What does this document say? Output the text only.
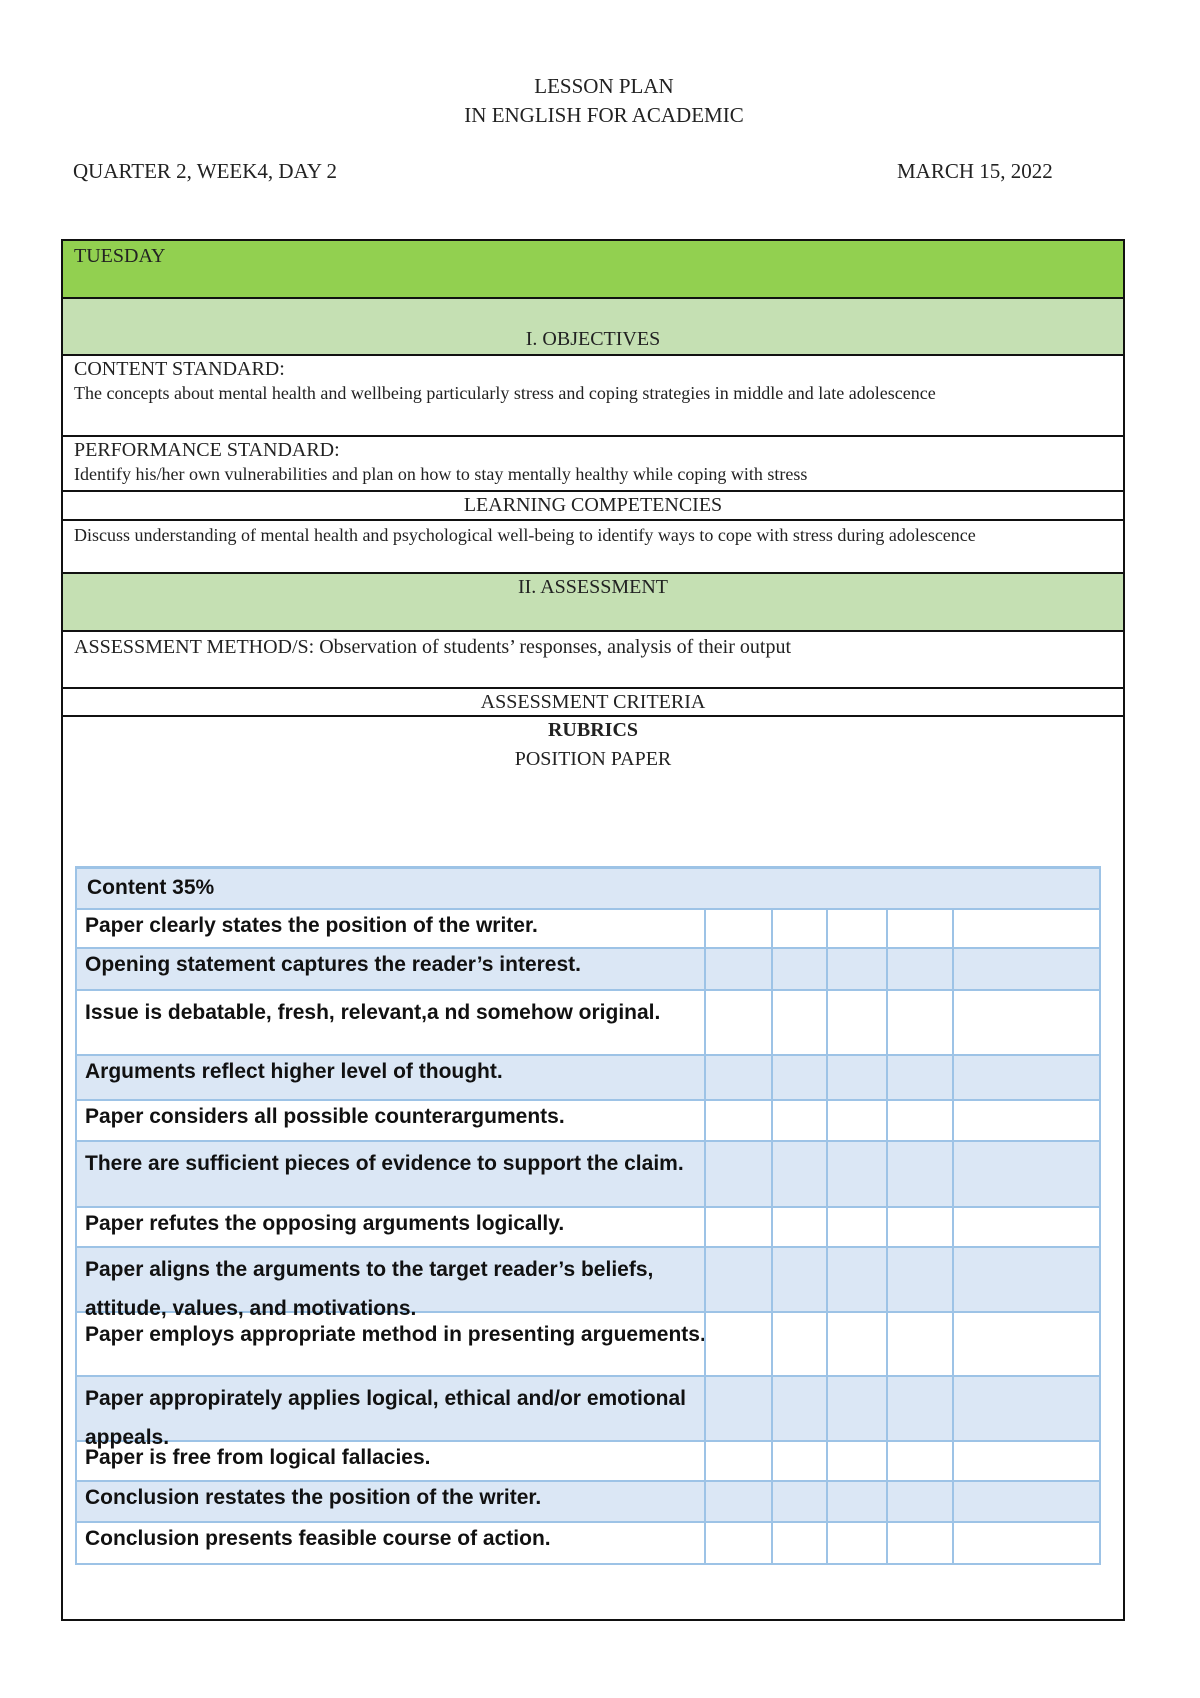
LESSON PLAN
IN ENGLISH FOR ACADEMIC
QUARTER 2, WEEK4, DAY 2	MARCH 15, 2022
TUESDAY
I. OBJECTIVES
CONTENT STANDARD:
The concepts about mental health and wellbeing particularly stress and coping strategies in middle and late adolescence
PERFORMANCE STANDARD:
Identify his/her own vulnerabilities and plan on how to stay mentally healthy while coping with stress
LEARNING COMPETENCIES
Discuss understanding of mental health and psychological well-being to identify ways to cope with stress during adolescence
II. ASSESSMENT
ASSESSMENT METHOD/S: Observation of students’ responses, analysis of their output
ASSESSMENT CRITERIA
RUBRICS
POSITION PAPER
Content 35%
Paper clearly states the position of the writer.
Opening statement captures the reader’s interest.
Issue is debatable, fresh, relevant,a nd somehow original.
Arguments reflect higher level of thought.
Paper considers all possible counterarguments.
There are sufficient pieces of evidence to support the claim.
Paper refutes the opposing arguments logically.
Paper aligns the arguments to the target reader’s beliefs, attitude, values, and motivations.
Paper employs appropriate method in presenting arguements.
Paper appropirately applies logical, ethical and/or emotional appeals.
Paper is free from logical fallacies.
Conclusion restates the position of the writer.
Conclusion presents feasible course of action.
